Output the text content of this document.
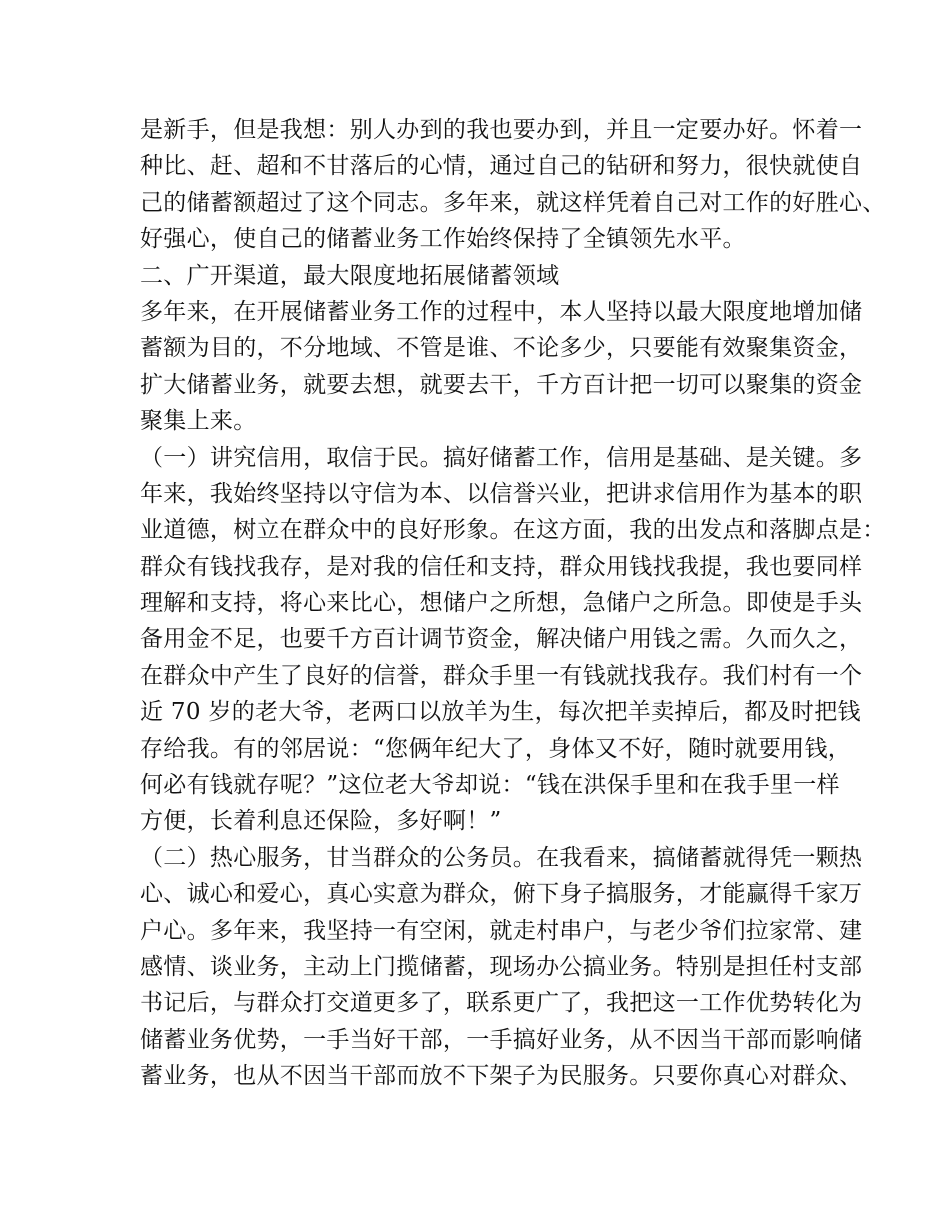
是新手，但是我想：别人办到的我也要办到，并且一定要办好。怀着一
种比、赶、超和不甘落后的心情，通过自己的钻研和努力，很快就使自
己的储蓄额超过了这个同志。多年来，就这样凭着自己对工作的好胜心、
好强心，使自己的储蓄业务工作始终保持了全镇领先水平。
二、广开渠道，最大限度地拓展储蓄领域
多年来，在开展储蓄业务工作的过程中，本人坚持以最大限度地增加储
蓄额为目的，不分地域、不管是谁、不论多少，只要能有效聚集资金，
扩大储蓄业务，就要去想，就要去干，千方百计把一切可以聚集的资金
聚集上来。
（一）讲究信用，取信于民。搞好储蓄工作，信用是基础、是关键。多
年来，我始终坚持以守信为本、以信誉兴业，把讲求信用作为基本的职
业道德，树立在群众中的良好形象。在这方面，我的出发点和落脚点是：
群众有钱找我存，是对我的信任和支持，群众用钱找我提，我也要同样
理解和支持，将心来比心，想储户之所想，急储户之所急。即使是手头
备用金不足，也要千方百计调节资金，解决储户用钱之需。久而久之，
在群众中产生了良好的信誉，群众手里一有钱就找我存。我们村有一个
近 70 岁的老大爷，老两口以放羊为生，每次把羊卖掉后，都及时把钱
存给我。有的邻居说：“您俩年纪大了，身体又不好，随时就要用钱，
何必有钱就存呢？”这位老大爷却说：“钱在洪保手里和在我手里一样
方便，长着利息还保险，多好啊！”
（二）热心服务，甘当群众的公务员。在我看来，搞储蓄就得凭一颗热
心、诚心和爱心，真心实意为群众，俯下身子搞服务，才能赢得千家万
户心。多年来，我坚持一有空闲，就走村串户，与老少爷们拉家常、建
感情、谈业务，主动上门揽储蓄，现场办公搞业务。特别是担任村支部
书记后，与群众打交道更多了，联系更广了，我把这一工作优势转化为
储蓄业务优势，一手当好干部，一手搞好业务，从不因当干部而影响储
蓄业务，也从不因当干部而放不下架子为民服务。只要你真心对群众、
